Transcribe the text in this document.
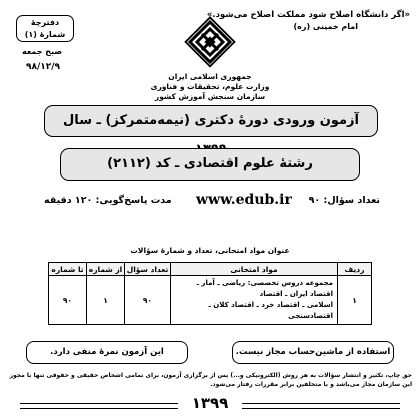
«اگر دانشگاه اصلاح شود مملکت اصلاح می‌شود.»
امام خمینی (ره)
دفترچهٔ شمارهٔ (۱)
صبح جمعه
۹۸/۱۲/۹
جمهوری اسلامی ایران
وزارت علوم، تحقیقات و فناوری
سازمان سنجش آموزش کشور
آزمون ورودی دورهٔ دکتری (نیمه‌متمرکز) ـ سال
رشتهٔ علوم اقتصادی ـ کد (۲۱۱۲)
تعداد سؤال: ۹۰
www.edub.ir
مدت پاسخ‌گویی: ۱۲۰ دقیقه
عنوان مواد امتحانی، تعداد و شمارهٔ سؤالات
ردیف	مواد امتحانی	تعداد سؤال	از شماره	تا شماره
۱	مجموعه دروس تخصصی: ریاضی ـ آمار ـ اقتصاد ایران ـ اقتصاد
اسلامی ـ اقتصاد خرد ـ اقتصاد کلان ـ اقتصادسنجی	۹۰	۱	۹۰
استفاده از ماشین‌حساب مجاز نیست.
این آزمون نمرهٔ منفی دارد.
حق چاپ، تکثیر و انتشار سؤالات به هر روش (الکترونیکی و...) پس از برگزاری آزمون، برای تمامی اشخاص حقیقی و حقوقی تنها با مجوز این سازمان مجاز می‌باشد و با متخلفین برابر مقررات رفتار می‌شود.
۱۳۹۹
